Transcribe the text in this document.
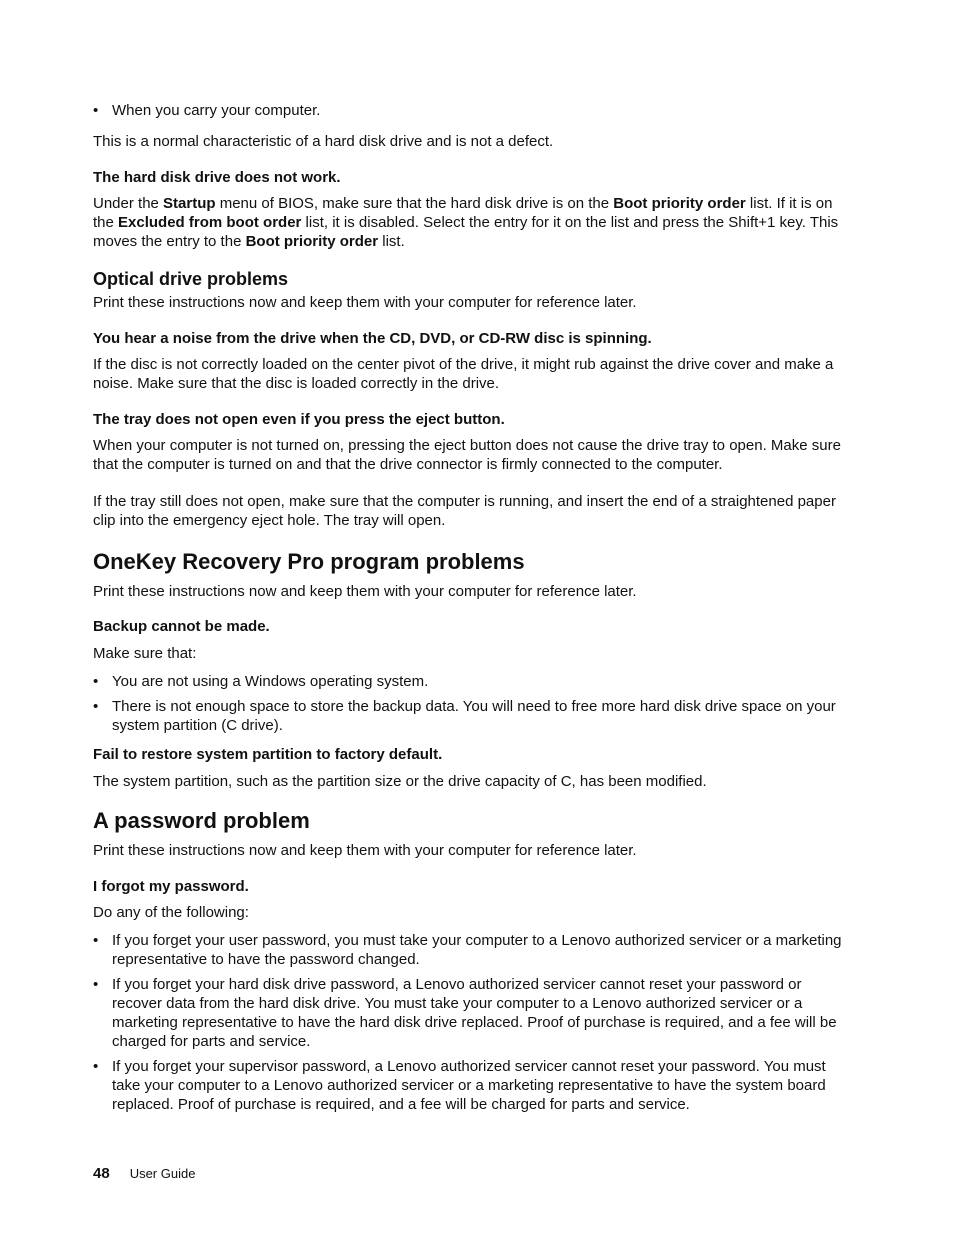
• When you carry your computer.

This is a normal characteristic of a hard disk drive and is not a defect.

The hard disk drive does not work.

Under the Startup menu of BIOS, make sure that the hard disk drive is on the Boot priority order list. If it is on the Excluded from boot order list, it is disabled. Select the entry for it on the list and press the Shift+1 key. This moves the entry to the Boot priority order list.

Optical drive problems

Print these instructions now and keep them with your computer for reference later.

You hear a noise from the drive when the CD, DVD, or CD-RW disc is spinning.

If the disc is not correctly loaded on the center pivot of the drive, it might rub against the drive cover and make a noise. Make sure that the disc is loaded correctly in the drive.

The tray does not open even if you press the eject button.

When your computer is not turned on, pressing the eject button does not cause the drive tray to open. Make sure that the computer is turned on and that the drive connector is firmly connected to the computer.

If the tray still does not open, make sure that the computer is running, and insert the end of a straightened paper clip into the emergency eject hole. The tray will open.

OneKey Recovery Pro program problems

Print these instructions now and keep them with your computer for reference later.

Backup cannot be made.

Make sure that:

• You are not using a Windows operating system.
• There is not enough space to store the backup data. You will need to free more hard disk drive space on your system partition (C drive).

Fail to restore system partition to factory default.

The system partition, such as the partition size or the drive capacity of C, has been modified.

A password problem

Print these instructions now and keep them with your computer for reference later.

I forgot my password.

Do any of the following:

• If you forget your user password, you must take your computer to a Lenovo authorized servicer or a marketing representative to have the password changed.
• If you forget your hard disk drive password, a Lenovo authorized servicer cannot reset your password or recover data from the hard disk drive. You must take your computer to a Lenovo authorized servicer or a marketing representative to have the hard disk drive replaced. Proof of purchase is required, and a fee will be charged for parts and service.
• If you forget your supervisor password, a Lenovo authorized servicer cannot reset your password. You must take your computer to a Lenovo authorized servicer or a marketing representative to have the system board replaced. Proof of purchase is required, and a fee will be charged for parts and service.
48 User Guide
